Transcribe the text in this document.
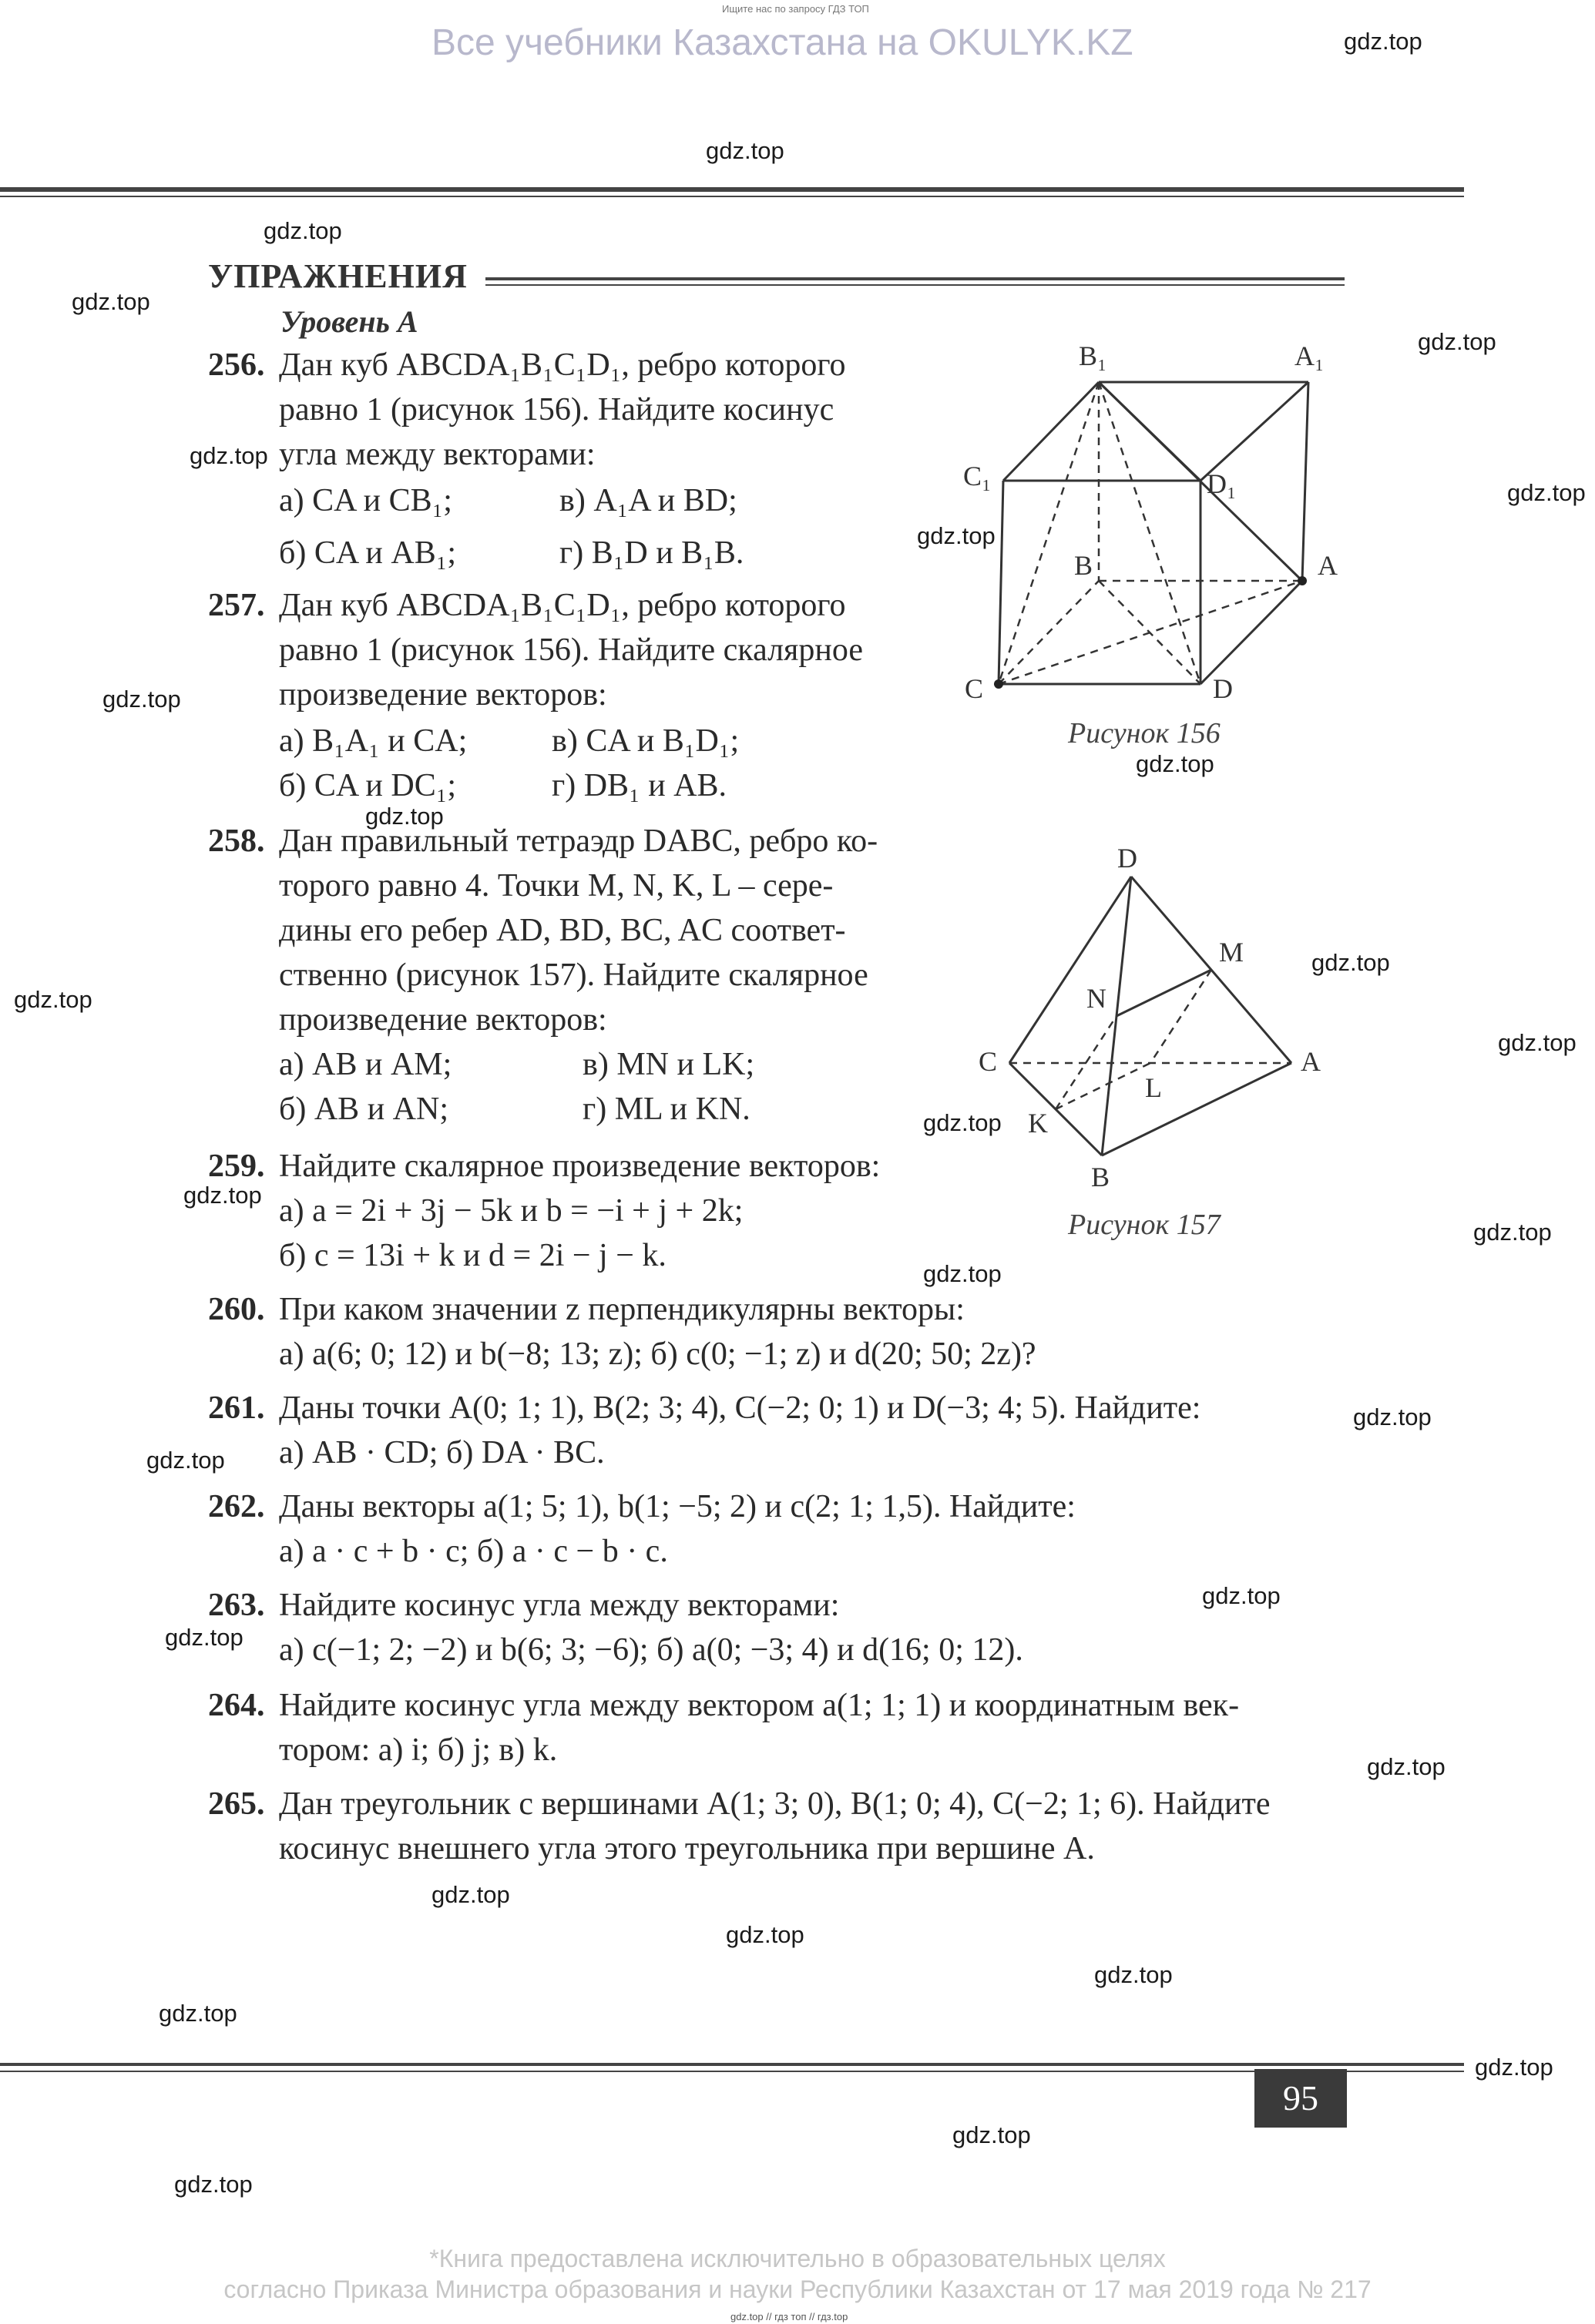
Ищите нас по запросу ГДЗ ТОП
Все учебники Казахстана на OKULYK.KZ
УПРАЖНЕНИЯ
Уровень А
256. Дан куб ABCDA₁B₁C₁D₁, ребро которого
равно 1 (рисунок 156). Найдите косинус
угла между векторами:
а) CA и CB₁;	в) A₁A и BD;
б) CA и AB₁;	г) B₁D и B₁B.
257. Дан куб ABCDA₁B₁C₁D₁, ребро которого
равно 1 (рисунок 156). Найдите скалярное
произведение векторов:
а) B₁A₁ и CA;	в) CA и B₁D₁;
б) CA и DC₁;	г) DB₁ и AB.
258. Дан правильный тетраэдр DABC, ребро ко-
торого равно 4. Точки M, N, K, L – сере-
дины его ребер AD, BD, BC, AC соответ-
ственно (рисунок 157). Найдите скалярное
произведение векторов:
а) AB и AM;	в) MN и LK;
б) AB и AN;	г) ML и KN.
259. Найдите скалярное произведение векторов:
а) a = 2i + 3j − 5k и b = −i + j + 2k;
б) c = 13i + k и d = 2i − j − k.
260. При каком значении z перпендикулярны векторы:
а) a(6; 0; 12) и b(−8; 13; z); б) c(0; −1; z) и d(20; 50; 2z)?
261. Даны точки A(0; 1; 1), B(2; 3; 4), C(−2; 0; 1) и D(−3; 4; 5). Найдите:
а) AB · CD; б) DA · BC.
262. Даны векторы a(1; 5; 1), b(1; −5; 2) и c(2; 1; 1,5). Найдите:
а) a · c + b · c; б) a · c − b · c.
263. Найдите косинус угла между векторами:
а) c(−1; 2; −2) и b(6; 3; −6); б) a(0; −3; 4) и d(16; 0; 12).
264. Найдите косинус угла между вектором a(1; 1; 1) и координатным век-
тором: а) i; б) j; в) k.
265. Дан треугольник с вершинами A(1; 3; 0), B(1; 0; 4), C(−2; 1; 6). Найдите
косинус внешнего угла этого треугольника при вершине A.
B₁	A₁
C₁	D₁
B	A
C	D
Рисунок 156
D
M
N
C	A
L
K
B
Рисунок 157
95
*Книга предоставлена исключительно в образовательных целях
согласно Приказа Министра образования и науки Республики Казахстан от 17 мая 2019 года № 217
gdz.top // гдз топ // гдз.top
gdz.top
gdz.top
gdz.top
gdz.top
gdz.top
gdz.top
gdz.top
gdz.top
gdz.top
gdz.top
gdz.top
gdz.top
gdz.top
gdz.top
gdz.top
gdz.top
gdz.top
gdz.top
gdz.top
gdz.top
gdz.top
gdz.top
gdz.top
gdz.top
gdz.top
gdz.top
gdz.top
gdz.top
gdz.top
gdz.top
